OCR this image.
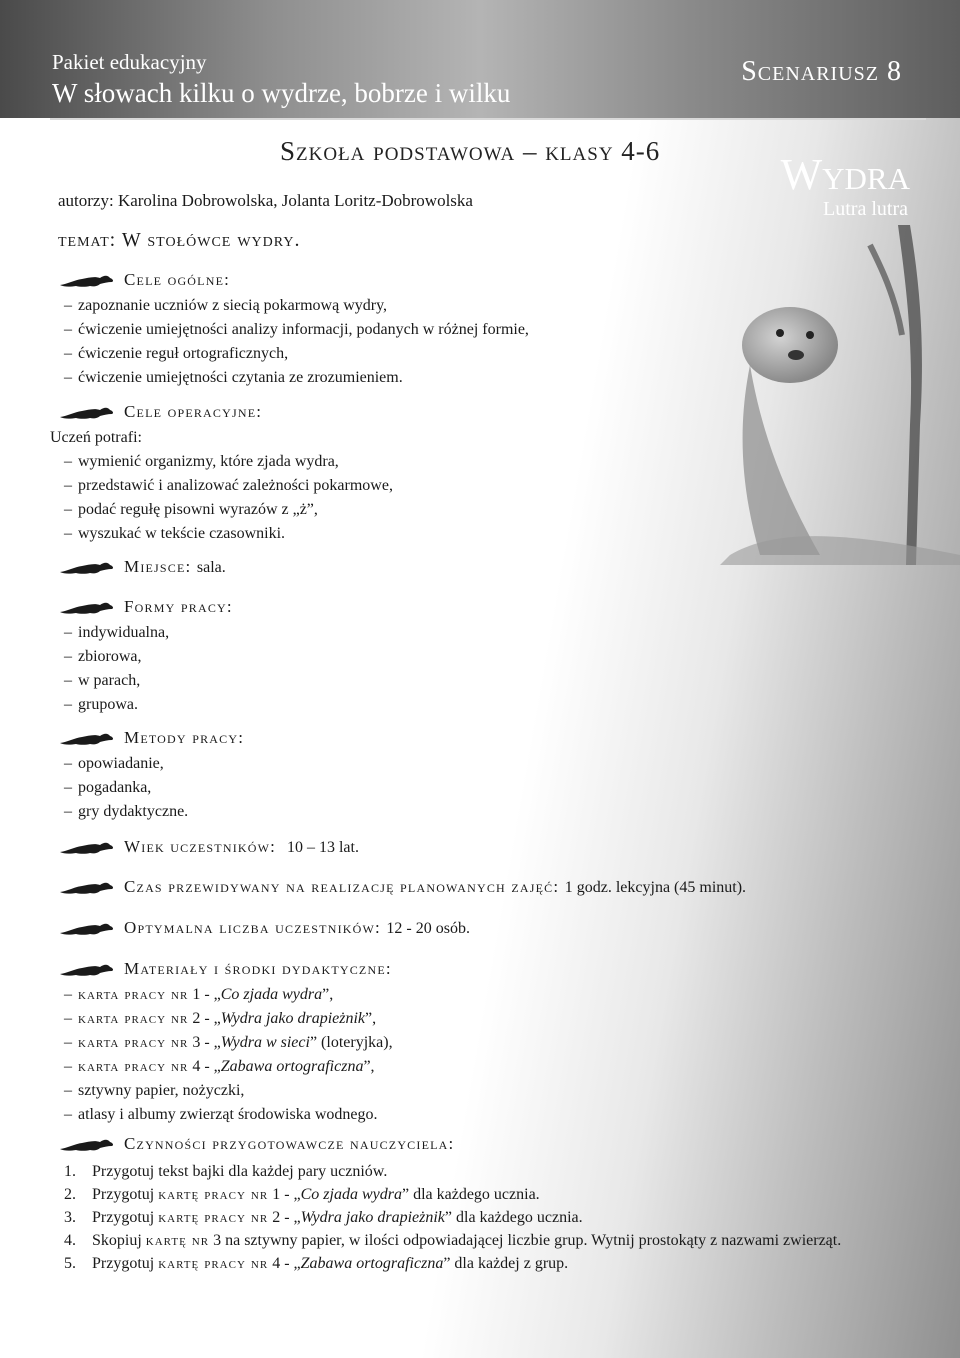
Pakiet edukacyjny
W słowach kilku o wydrze, bobrze i wilku
Scenariusz 8
Wydra
Lutra lutra
Szkoła podstawowa – klasy 4-6
autorzy: Karolina Dobrowolska, Jolanta Loritz-Dobrowolska
temat: W stołówce wydry.
Cele ogólne:
– zapoznanie uczniów z siecią pokarmową wydry,
– ćwiczenie umiejętności analizy informacji, podanych w różnej formie,
– ćwiczenie reguł ortograficznych,
– ćwiczenie umiejętności czytania ze zrozumieniem.
Cele operacyjne:
Uczeń potrafi:
– wymienić organizmy, które zjada wydra,
– przedstawić i analizować zależności pokarmowe,
– podać regułę pisowni wyrazów z „ż”,
– wyszukać w tekście czasowniki.
Miejsce: sala.
Formy pracy:
– indywidualna,
– zbiorowa,
– w parach,
– grupowa.
Metody pracy:
– opowiadanie,
– pogadanka,
– gry dydaktyczne.
Wiek uczestników: 10 – 13 lat.
Czas przewidywany na realizację planowanych zajęć: 1 godz. lekcyjna (45 minut).
Optymalna liczba uczestników: 12 - 20 osób.
Materiały i środki dydaktyczne:
– karta pracy nr 1 - „Co zjada wydra”,
– karta pracy nr 2 - „Wydra jako drapieżnik”,
– karta pracy nr 3 - „Wydra w sieci” (loteryjka),
– karta pracy nr 4 - „Zabawa ortograficzna”,
– sztywny papier, nożyczki,
– atlasy i albumy zwierząt środowiska wodnego.
Czynności przygotowawcze nauczyciela:
1. Przygotuj tekst bajki dla każdej pary uczniów.
2. Przygotuj kartę pracy nr 1 - „Co zjada wydra” dla każdego ucznia.
3. Przygotuj kartę pracy nr 2 - „Wydra jako drapieżnik” dla każdego ucznia.
4. Skopiuj kartę nr 3 na sztywny papier, w ilości odpowiadającej liczbie grup. Wytnij prostokąty z nazwami zwierząt.
5. Przygotuj kartę pracy nr 4 - „Zabawa ortograficzna” dla każdej z grup.
